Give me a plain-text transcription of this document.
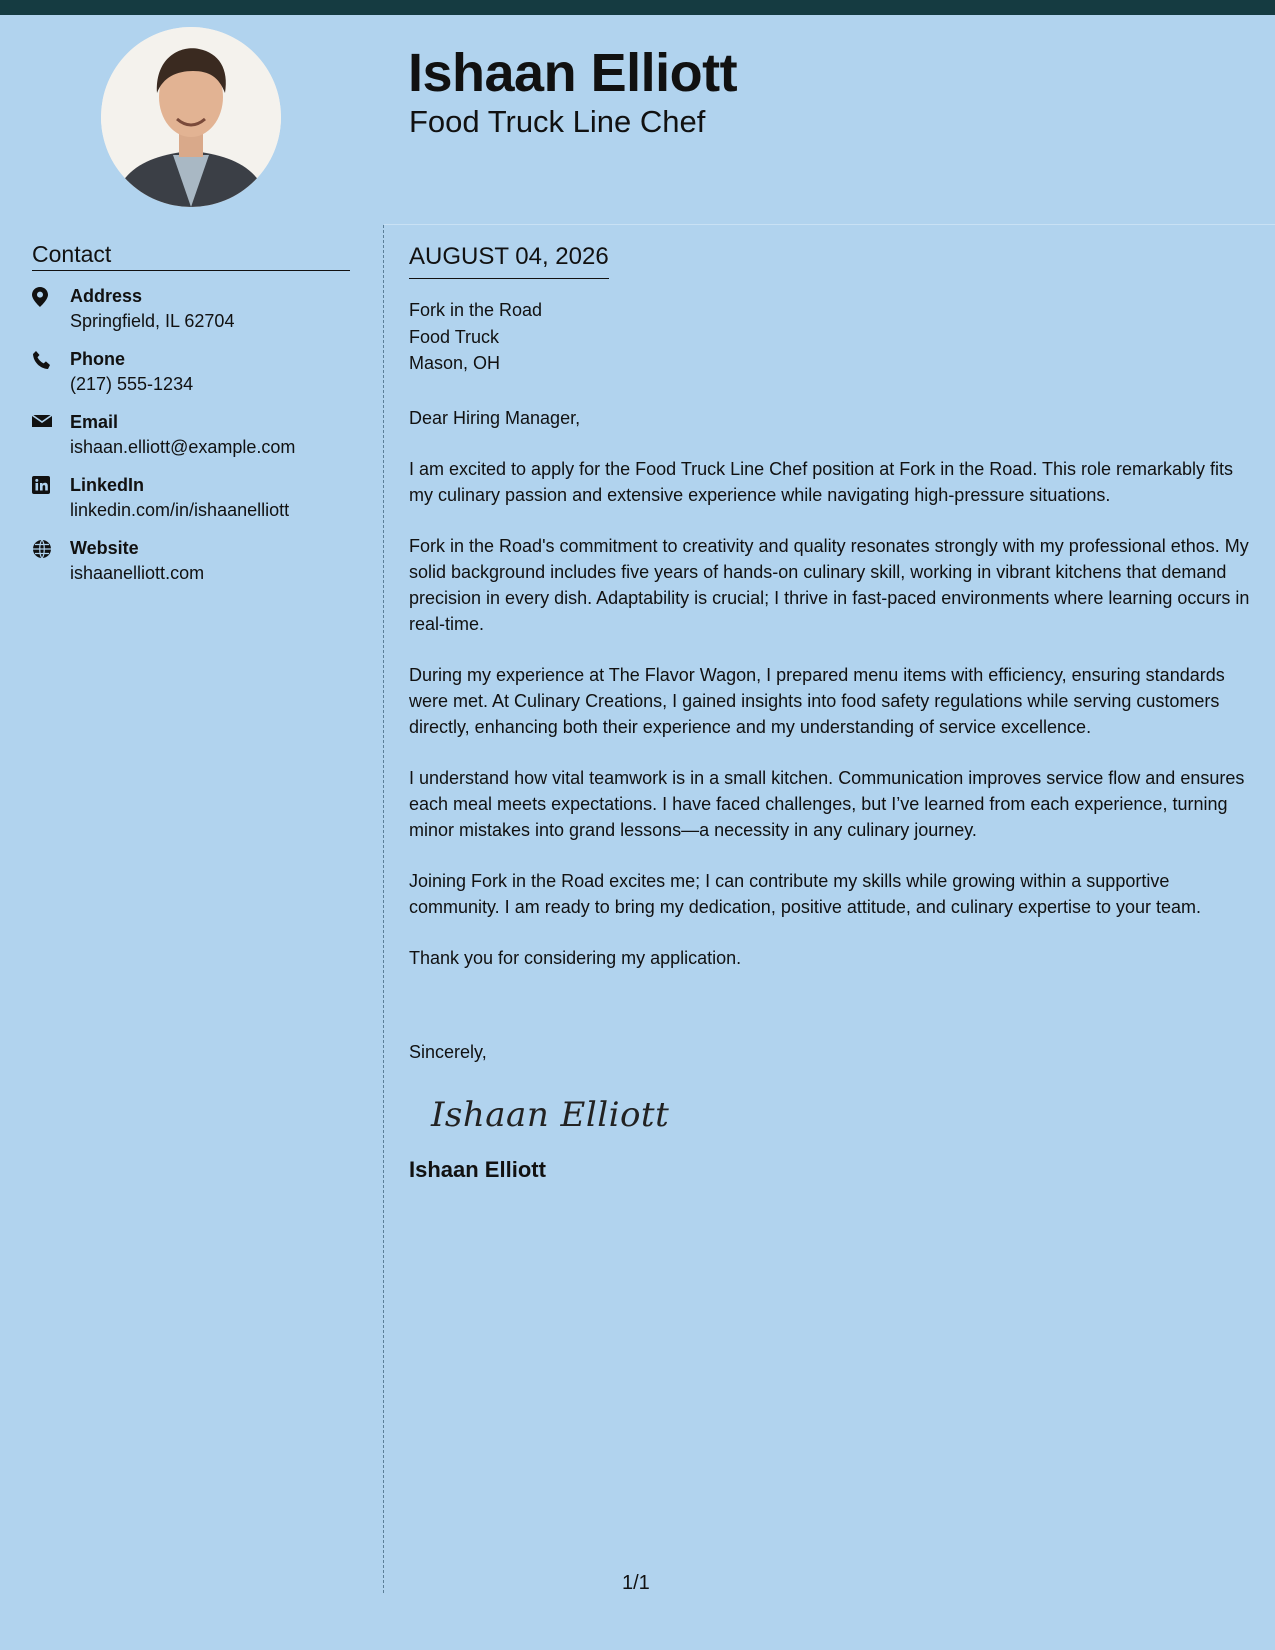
Ishaan Elliott
Food Truck Line Chef
Contact
Address
Springfield, IL 62704
Phone
(217) 555-1234
Email
ishaan.elliott@example.com
LinkedIn
linkedin.com/in/ishaanelliott
Website
ishaanelliott.com
AUGUST 04, 2026
Fork in the Road
Food Truck
Mason, OH
Dear Hiring Manager,

I am excited to apply for the Food Truck Line Chef position at Fork in the Road. This role remarkably fits my culinary passion and extensive experience while navigating high-pressure situations.

Fork in the Road's commitment to creativity and quality resonates strongly with my professional ethos. My solid background includes five years of hands-on culinary skill, working in vibrant kitchens that demand precision in every dish. Adaptability is crucial; I thrive in fast-paced environments where learning occurs in real-time.

During my experience at The Flavor Wagon, I prepared menu items with efficiency, ensuring standards were met. At Culinary Creations, I gained insights into food safety regulations while serving customers directly, enhancing both their experience and my understanding of service excellence.

I understand how vital teamwork is in a small kitchen. Communication improves service flow and ensures each meal meets expectations. I have faced challenges, but I’ve learned from each experience, turning minor mistakes into grand lessons—a necessity in any culinary journey.

Joining Fork in the Road excites me; I can contribute my skills while growing within a supportive community. I am ready to bring my dedication, positive attitude, and culinary expertise to your team.

Thank you for considering my application.

Sincerely,
Ishaan Elliott
Ishaan Elliott
1/1
